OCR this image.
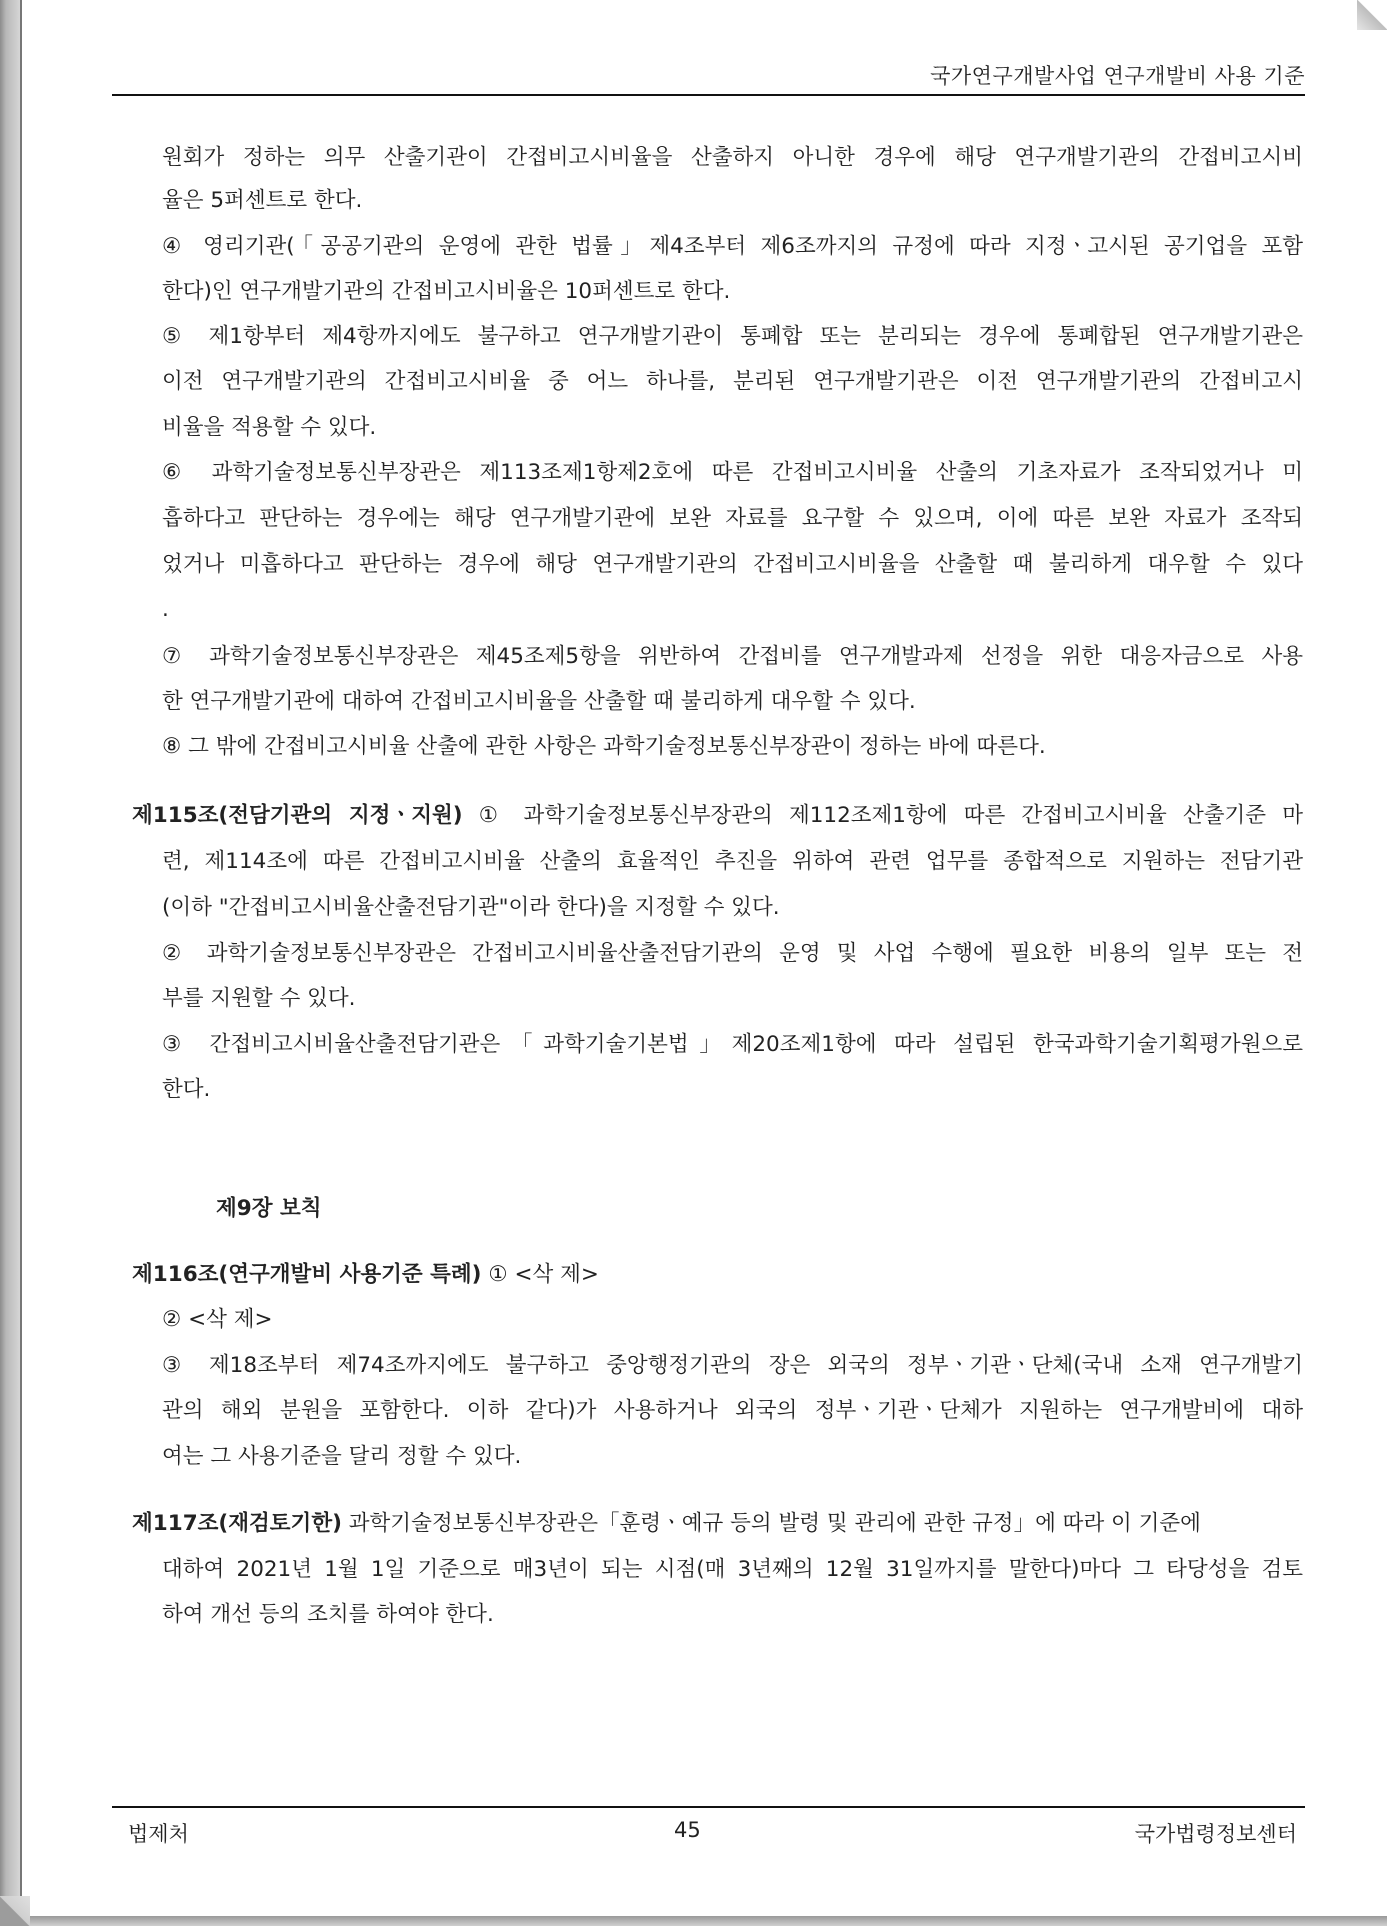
국가연구개발사업 연구개발비 사용 기준
원회가 정하는 의무 산출기관이 간접비고시비율을 산출하지 아니한 경우에 해당 연구개발기관의 간접비고시비
율은 5퍼센트로 한다.
④ 영리기관(「공공기관의 운영에 관한 법률」제4조부터 제6조까지의 규정에 따라 지정ㆍ고시된 공기업을 포함
한다)인 연구개발기관의 간접비고시비율은 10퍼센트로 한다.
⑤ 제1항부터 제4항까지에도 불구하고 연구개발기관이 통폐합 또는 분리되는 경우에 통폐합된 연구개발기관은
이전 연구개발기관의 간접비고시비율 중 어느 하나를, 분리된 연구개발기관은 이전 연구개발기관의 간접비고시
비율을 적용할 수 있다.
⑥ 과학기술정보통신부장관은 제113조제1항제2호에 따른 간접비고시비율 산출의 기초자료가 조작되었거나 미
흡하다고 판단하는 경우에는 해당 연구개발기관에 보완 자료를 요구할 수 있으며, 이에 따른 보완 자료가 조작되
었거나 미흡하다고 판단하는 경우에 해당 연구개발기관의 간접비고시비율을 산출할 때 불리하게 대우할 수 있다
.
⑦ 과학기술정보통신부장관은 제45조제5항을 위반하여 간접비를 연구개발과제 선정을 위한 대응자금으로 사용
한 연구개발기관에 대하여 간접비고시비율을 산출할 때 불리하게 대우할 수 있다.
⑧ 그 밖에 간접비고시비율 산출에 관한 사항은 과학기술정보통신부장관이 정하는 바에 따른다.
제115조(전담기관의 지정ㆍ지원) ① 과학기술정보통신부장관의 제112조제1항에 따른 간접비고시비율 산출기준 마
련, 제114조에 따른 간접비고시비율 산출의 효율적인 추진을 위하여 관련 업무를 종합적으로 지원하는 전담기관
(이하 "간접비고시비율산출전담기관"이라 한다)을 지정할 수 있다.
② 과학기술정보통신부장관은 간접비고시비율산출전담기관의 운영 및 사업 수행에 필요한 비용의 일부 또는 전
부를 지원할 수 있다.
③ 간접비고시비율산출전담기관은「과학기술기본법」제20조제1항에 따라 설립된 한국과학기술기획평가원으로
한다.
제9장 보칙
제116조(연구개발비 사용기준 특례) ① <삭 제>
② <삭 제>
③ 제18조부터 제74조까지에도 불구하고 중앙행정기관의 장은 외국의 정부ㆍ기관ㆍ단체(국내 소재 연구개발기
관의 해외 분원을 포함한다. 이하 같다)가 사용하거나 외국의 정부ㆍ기관ㆍ단체가 지원하는 연구개발비에 대하
여는 그 사용기준을 달리 정할 수 있다.
제117조(재검토기한) 과학기술정보통신부장관은「훈령ㆍ예규 등의 발령 및 관리에 관한 규정」에 따라 이 기준에
대하여 2021년 1월 1일 기준으로 매3년이 되는 시점(매 3년째의 12월 31일까지를 말한다)마다 그 타당성을 검토
하여 개선 등의 조치를 하여야 한다.
법제처	45	국가법령정보센터
